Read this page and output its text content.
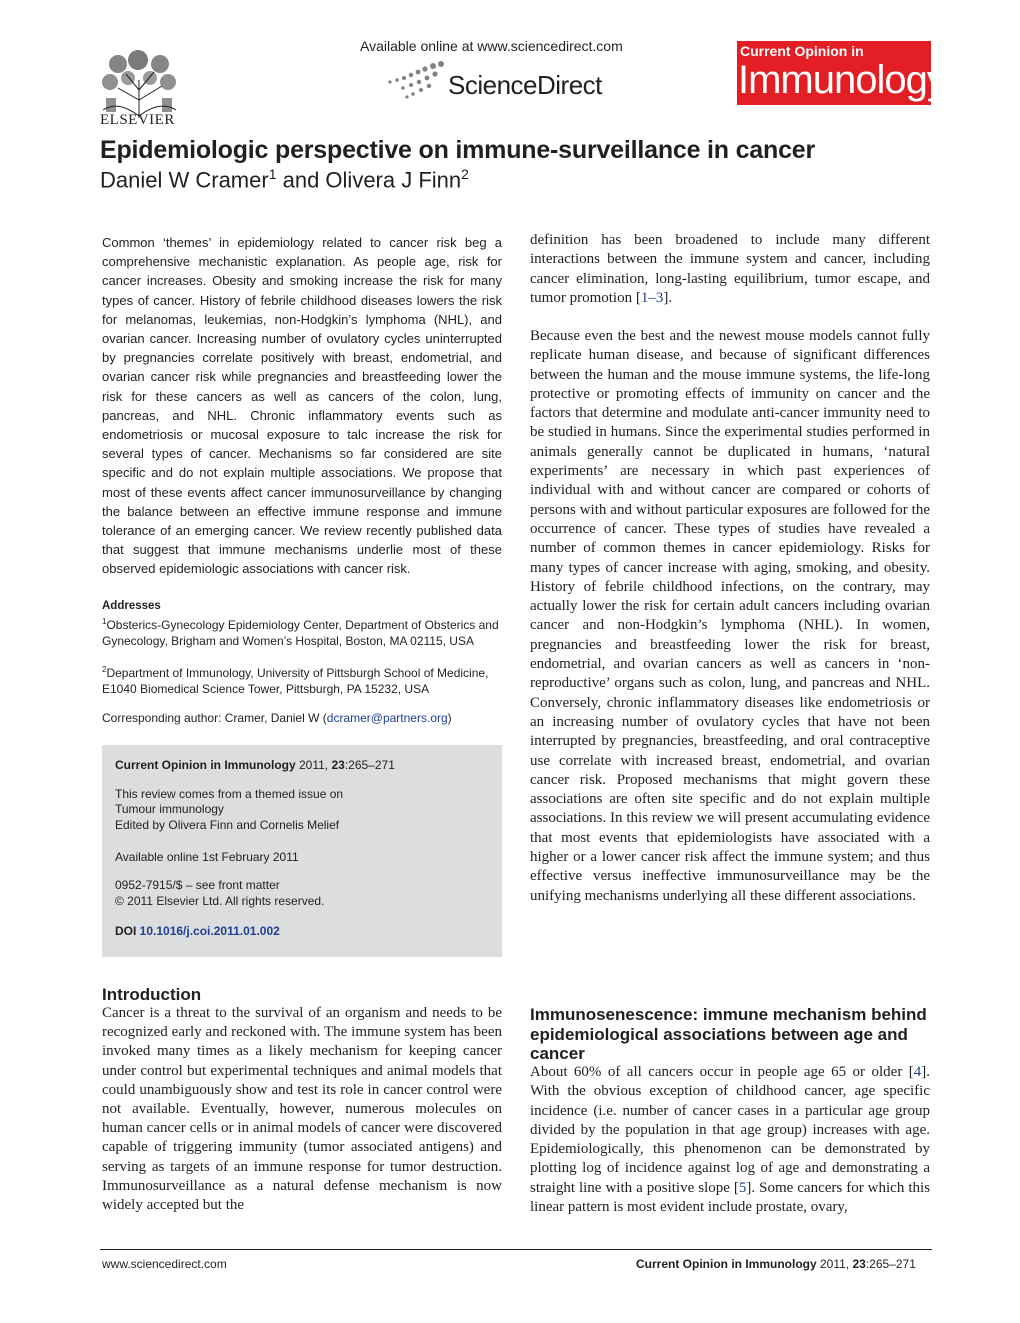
ELSEVIER
Available online at www.sciencedirect.com
ScienceDirect
Current Opinion in
Immunology
Epidemiologic perspective on immune-surveillance in cancer
Daniel W Cramer$^1$ and Olivera J Finn$^2$
Common ‘themes’ in epidemiology related to cancer risk beg a comprehensive mechanistic explanation. As people age, risk for cancer increases. Obesity and smoking increase the risk for many types of cancer. History of febrile childhood diseases lowers the risk for melanomas, leukemias, non-Hodgkin’s lymphoma (NHL), and ovarian cancer. Increasing number of ovulatory cycles uninterrupted by pregnancies correlate positively with breast, endometrial, and ovarian cancer risk while pregnancies and breastfeeding lower the risk for these cancers as well as cancers of the colon, lung, pancreas, and NHL. Chronic inflammatory events such as endometriosis or mucosal exposure to talc increase the risk for several types of cancer. Mechanisms so far considered are site specific and do not explain multiple associations. We propose that most of these events affect cancer immunosurveillance by changing the balance between an effective immune response and immune tolerance of an emerging cancer. We review recently published data that suggest that immune mechanisms underlie most of these observed epidemiologic associations with cancer risk.
Addresses
$^1$Obsterics-Gynecology Epidemiology Center, Department of Obsterics and Gynecology, Brigham and Women’s Hospital, Boston, MA 02115, USA
$^2$Department of Immunology, University of Pittsburgh School of Medicine, E1040 Biomedical Science Tower, Pittsburgh, PA 15232, USA
Corresponding author: Cramer, Daniel W (dcramer@partners.org)
Current Opinion in Immunology 2011, 23:265–271
This review comes from a themed issue on
Tumour immunology
Edited by Olivera Finn and Cornelis Melief
Available online 1st February 2011
0952-7915/$ – see front matter
© 2011 Elsevier Ltd. All rights reserved.
DOI 10.1016/j.coi.2011.01.002
Introduction
Cancer is a threat to the survival of an organism and needs to be recognized early and reckoned with. The immune system has been invoked many times as a likely mechanism for keeping cancer under control but experimental techniques and animal models that could unambiguously show and test its role in cancer control were not available. Eventually, however, numerous molecules on human cancer cells or in animal models of cancer were discovered capable of triggering immunity (tumor associated antigens) and serving as targets of an immune response for tumor destruction. Immunosurveillance as a natural defense mechanism is now widely accepted but the
definition has been broadened to include many different interactions between the immune system and cancer, including cancer elimination, long-lasting equilibrium, tumor escape, and tumor promotion [1–3].
Because even the best and the newest mouse models cannot fully replicate human disease, and because of significant differences between the human and the mouse immune systems, the life-long protective or promoting effects of immunity on cancer and the factors that determine and modulate anti-cancer immunity need to be studied in humans. Since the experimental studies performed in animals generally cannot be duplicated in humans, ‘natural experiments’ are necessary in which past experiences of individual with and without cancer are compared or cohorts of persons with and without particular exposures are followed for the occurrence of cancer. These types of studies have revealed a number of common themes in cancer epidemiology. Risks for many types of cancer increase with aging, smoking, and obesity. History of febrile childhood infections, on the contrary, may actually lower the risk for certain adult cancers including ovarian cancer and non-Hodgkin’s lymphoma (NHL). In women, pregnancies and breastfeeding lower the risk for breast, endometrial, and ovarian cancers as well as cancers in ‘non-reproductive’ organs such as colon, lung, and pancreas and NHL. Conversely, chronic inflammatory diseases like endometriosis or an increasing number of ovulatory cycles that have not been interrupted by pregnancies, breastfeeding, and oral contraceptive use correlate with increased breast, endometrial, and ovarian cancer risk. Proposed mechanisms that might govern these associations are often site specific and do not explain multiple associations. In this review we will present accumulating evidence that most events that epidemiologists have associated with a higher or a lower cancer risk affect the immune system; and thus effective versus ineffective immunosurveillance may be the unifying mechanisms underlying all these different associations.
Immunosenescence: immune mechanism behind epidemiological associations between age and cancer
About 60% of all cancers occur in people age 65 or older [4]. With the obvious exception of childhood cancer, age specific incidence (i.e. number of cancer cases in a particular age group divided by the population in that age group) increases with age. Epidemiologically, this phenomenon can be demonstrated by plotting log of incidence against log of age and demonstrating a straight line with a positive slope [5]. Some cancers for which this linear pattern is most evident include prostate, ovary,
www.sciencedirect.com	Current Opinion in Immunology 2011, 23:265–271
